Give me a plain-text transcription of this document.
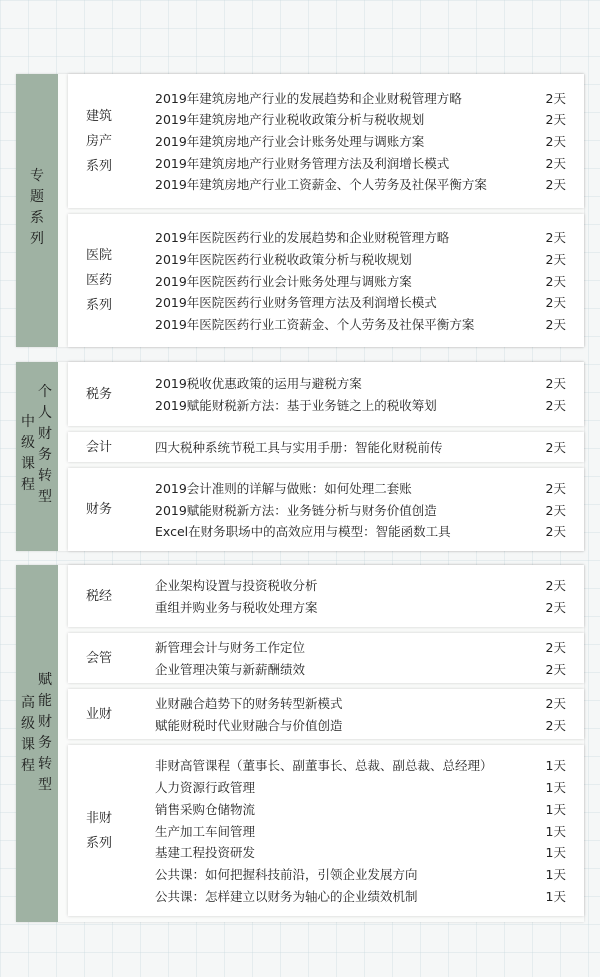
专
题
系
列
建筑
房产
系列
2019年建筑房地产行业的发展趋势和企业财税管理方略	2天
2019年建筑房地产行业税收政策分析与税收规划	2天
2019年建筑房地产行业会计账务处理与调账方案	2天
2019年建筑房地产行业财务管理方法及利润增长模式	2天
2019年建筑房地产行业工资薪金、个人劳务及社保平衡方案	2天
医院
医药
系列
2019年医院医药行业的发展趋势和企业财税管理方略	2天
2019年医院医药行业税收政策分析与税收规划	2天
2019年医院医药行业会计账务处理与调账方案	2天
2019年医院医药行业财务管理方法及利润增长模式	2天
2019年医院医药行业工资薪金、个人劳务及社保平衡方案	2天
中
级
课
程
个
人
财
务
转
型
税务
2019税收优惠政策的运用与避税方案	2天
2019赋能财税新方法：基于业务链之上的税收筹划	2天
会计	四大税种系统节税工具与实用手册：智能化财税前传	2天
财务
2019会计准则的详解与做账：如何处理二套账	2天
2019赋能财税新方法：业务链分析与财务价值创造	2天
Excel在财务职场中的高效应用与模型：智能函数工具	2天
高
级
课
程
赋
能
财
务
转
型
税经
企业架构设置与投资税收分析	2天
重组并购业务与税收处理方案	2天
会管
新管理会计与财务工作定位	2天
企业管理决策与新薪酬绩效	2天
业财
业财融合趋势下的财务转型新模式	2天
赋能财税时代业财融合与价值创造	2天
非财
系列
非财高管课程（董事长、副董事长、总裁、副总裁、总经理）	1天
人力资源行政管理	1天
销售采购仓储物流	1天
生产加工车间管理	1天
基建工程投资研发	1天
公共课：如何把握科技前沿，引领企业发展方向	1天
公共课：怎样建立以财务为轴心的企业绩效机制	1天
